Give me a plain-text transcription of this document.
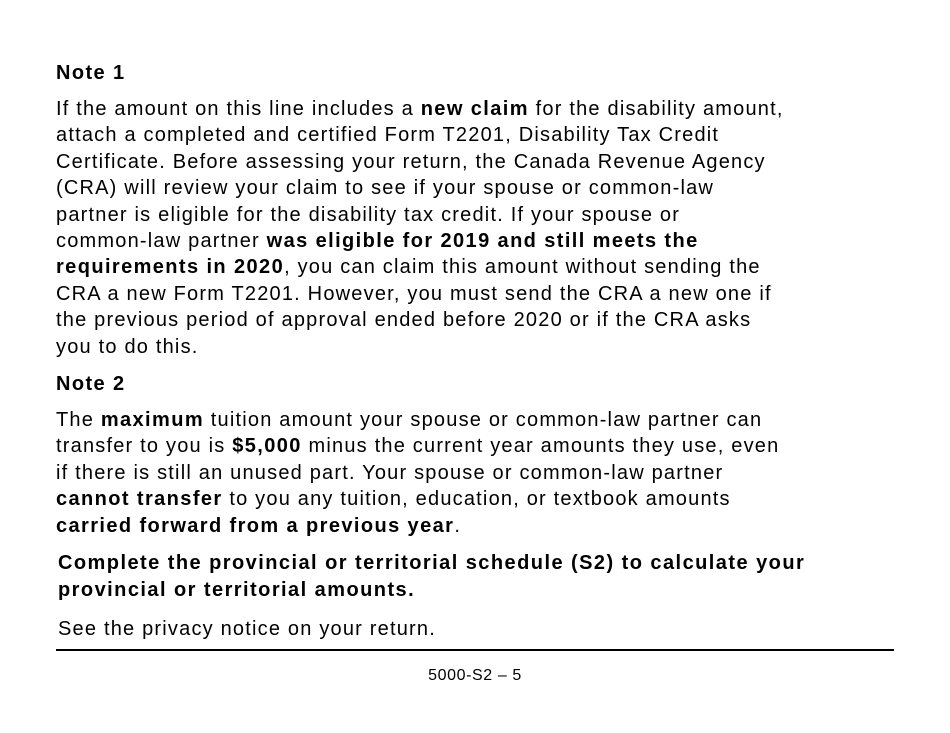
Note 1
If the amount on this line includes a new claim for the disability amount,
attach a completed and certified Form T2201, Disability Tax Credit
Certificate. Before assessing your return, the Canada Revenue Agency
(CRA) will review your claim to see if your spouse or common-law
partner is eligible for the disability tax credit. If your spouse or
common-law partner was eligible for 2019 and still meets the
requirements in 2020, you can claim this amount without sending the
CRA a new Form T2201. However, you must send the CRA a new one if
the previous period of approval ended before 2020 or if the CRA asks
you to do this.
Note 2
The maximum tuition amount your spouse or common-law partner can
transfer to you is $5,000 minus the current year amounts they use, even
if there is still an unused part. Your spouse or common-law partner
cannot transfer to you any tuition, education, or textbook amounts
carried forward from a previous year.
Complete the provincial or territorial schedule (S2) to calculate your
provincial or territorial amounts.
See the privacy notice on your return.
5000-S2 – 5
